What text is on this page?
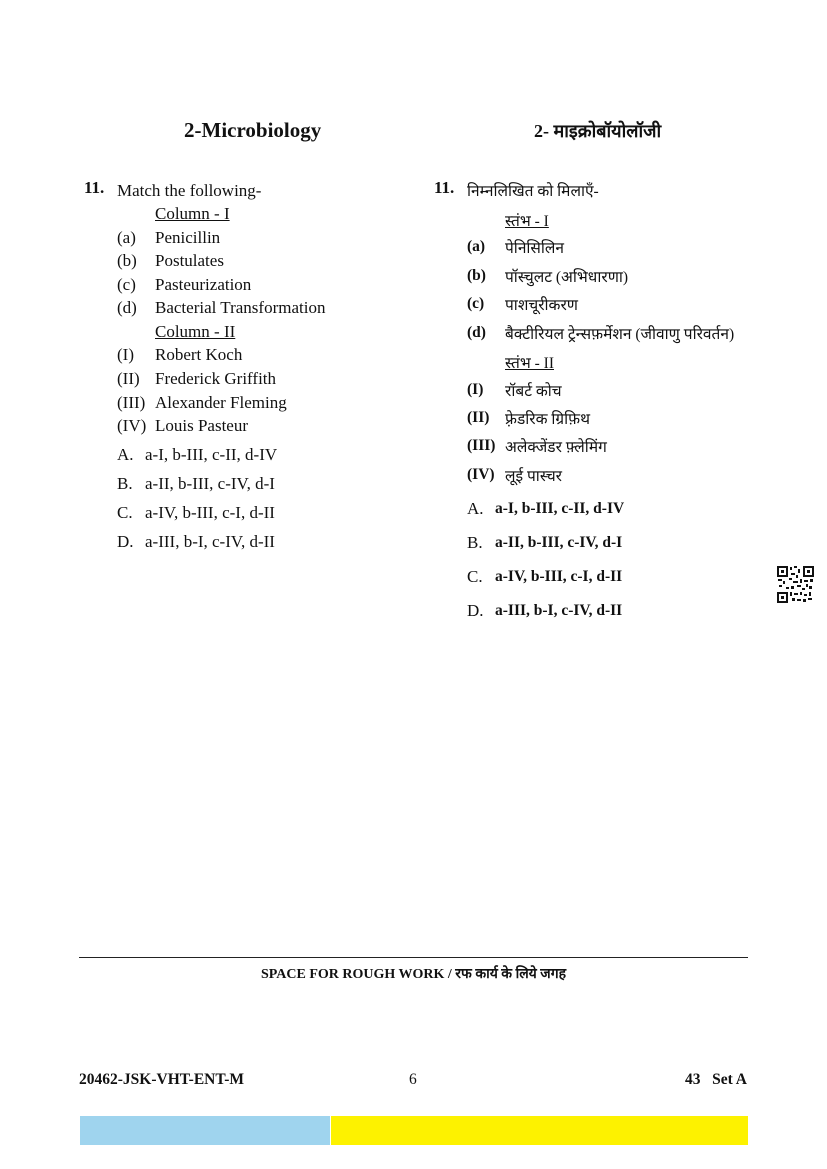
2-Microbiology	2- माइक्रोबॉयोलॉजी
11. Match the following-
Column - I
(a) Penicillin
(b) Postulates
(c) Pasteurization
(d) Bacterial Transformation
Column - II
(I) Robert Koch
(II) Frederick Griffith
(III) Alexander Fleming
(IV) Louis Pasteur
A. a-I, b-III, c-II, d-IV
B. a-II, b-III, c-IV, d-I
C. a-IV, b-III, c-I, d-II
D. a-III, b-I, c-IV, d-II
11. निम्नलिखित को मिलाएँ-
स्तंभ - I
(a) पेनिसिलिन
(b) पॉस्चुलट (अभिधारणा)
(c) पाशचूरीकरण
(d) बैक्टीरियल ट्रेन्सफ़र्मेशन (जीवाणु परिवर्तन)
स्तंभ - II
(I) रॉबर्ट कोच
(II) फ़्रेडरिक ग्रिफ़िथ
(III) अलेक्जेंडर फ़्लेमिंग
(IV) लूई पास्चर
A. a-I, b-III, c-II, d-IV
B. a-II, b-III, c-IV, d-I
C. a-IV, b-III, c-I, d-II
D. a-III, b-I, c-IV, d-II
SPACE FOR ROUGH WORK / रफ कार्य के लिये जगह
20462-JSK-VHT-ENT-M	6	43   Set A
